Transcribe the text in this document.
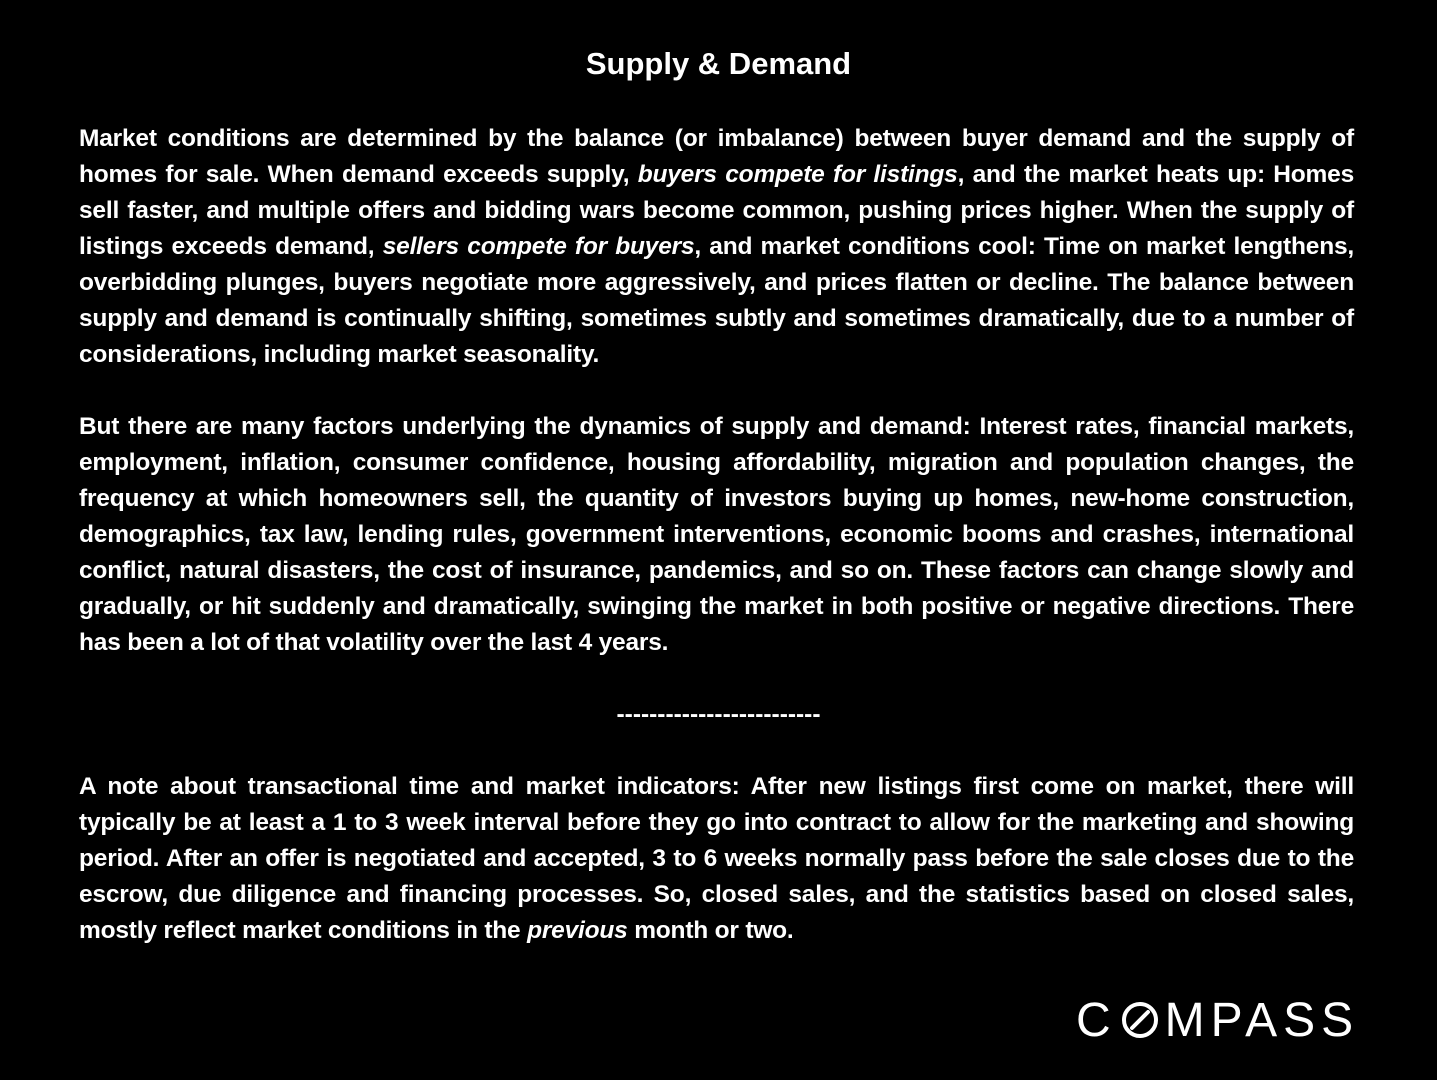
Supply & Demand

Market conditions are determined by the balance (or imbalance) between buyer demand and the supply of homes for sale. When demand exceeds supply, buyers compete for listings, and the market heats up: Homes sell faster, and multiple offers and bidding wars become common, pushing prices higher. When the supply of listings exceeds demand, sellers compete for buyers, and market conditions cool: Time on market lengthens, overbidding plunges, buyers negotiate more aggressively, and prices flatten or decline. The balance between supply and demand is continually shifting, sometimes subtly and sometimes dramatically, due to a number of considerations, including market seasonality.

But there are many factors underlying the dynamics of supply and demand: Interest rates, financial markets, employment, inflation, consumer confidence, housing affordability, migration and population changes, the frequency at which homeowners sell, the quantity of investors buying up homes, new-home construction, demographics, tax law, lending rules, government interventions, economic booms and crashes, international conflict, natural disasters, the cost of insurance, pandemics, and so on. These factors can change slowly and gradually, or hit suddenly and dramatically, swinging the market in both positive or negative directions. There has been a lot of that volatility over the last 4 years.

-------------------------

A note about transactional time and market indicators: After new listings first come on market, there will typically be at least a 1 to 3 week interval before they go into contract to allow for the marketing and showing period. After an offer is negotiated and accepted, 3 to 6 weeks normally pass before the sale closes due to the escrow, due diligence and financing processes. So, closed sales, and the statistics based on closed sales, mostly reflect market conditions in the previous month or two.

C MPASS
